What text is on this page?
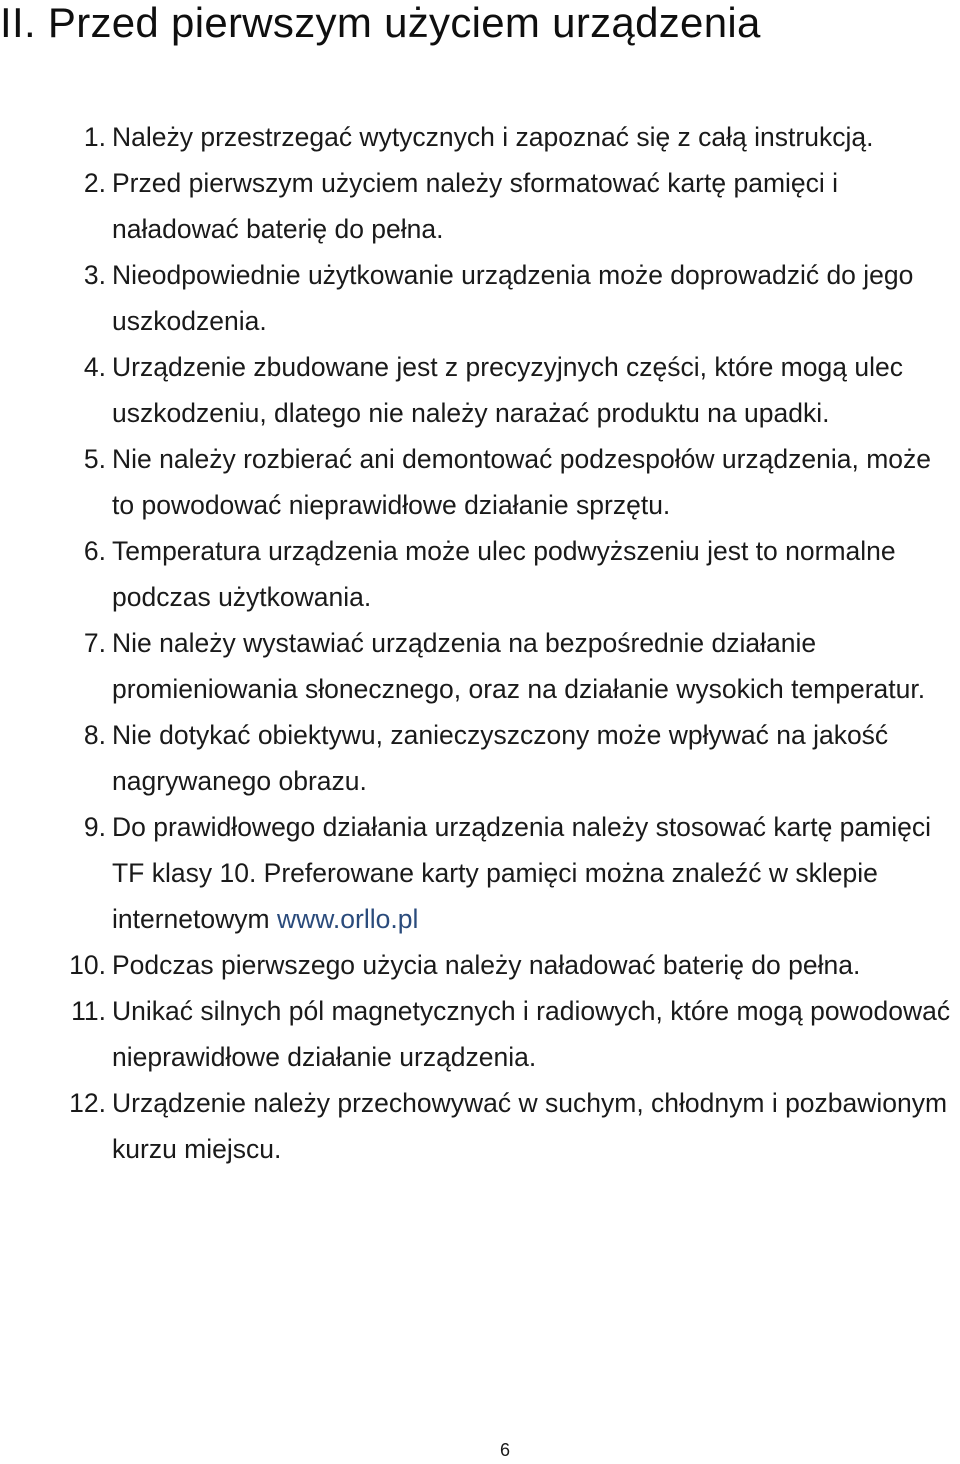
II. Przed pierwszym użyciem urządzenia
1. Należy przestrzegać wytycznych i zapoznać się z całą instrukcją.
2. Przed pierwszym użyciem należy sformatować kartę pamięci i naładować baterię do pełna.
3. Nieodpowiednie użytkowanie urządzenia może doprowadzić do jego uszkodzenia.
4. Urządzenie zbudowane jest z precyzyjnych części, które mogą ulec uszkodzeniu, dlatego nie należy narażać produktu na upadki.
5. Nie należy rozbierać ani demontować podzespołów urządzenia, może to powodować nieprawidłowe działanie sprzętu.
6. Temperatura urządzenia może ulec podwyższeniu jest to normalne podczas użytkowania.
7. Nie należy wystawiać urządzenia na bezpośrednie działanie promieniowania słonecznego, oraz na działanie wysokich temperatur.
8. Nie dotykać obiektywu, zanieczyszczony może wpływać na jakość nagrywanego obrazu.
9. Do prawidłowego działania urządzenia należy stosować kartę pamięci TF klasy 10. Preferowane karty pamięci można znaleźć w sklepie internetowym www.orllo.pl
10. Podczas pierwszego użycia należy naładować baterię do pełna.
11. Unikać silnych pól magnetycznych i radiowych, które mogą powodować nieprawidłowe działanie urządzenia.
12. Urządzenie należy przechowywać w suchym, chłodnym i pozbawionym kurzu miejscu.
6
